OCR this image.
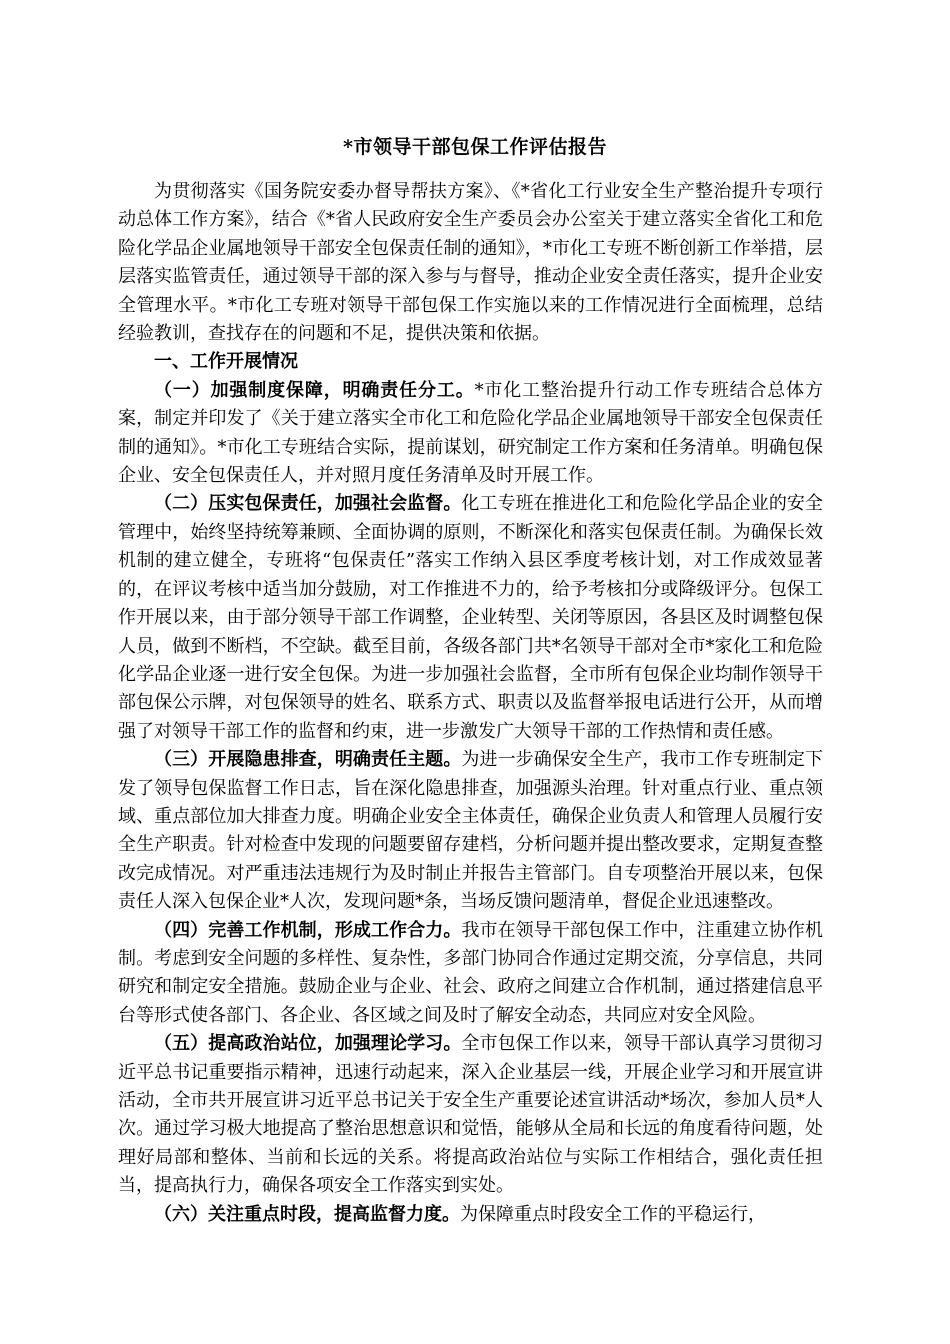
*市领导干部包保工作评估报告

为贯彻落实《国务院安委办督导帮扶方案》、《*省化工行业安全生产整治提升专项行动总体工作方案》，结合《*省人民政府安全生产委员会办公室关于建立落实全省化工和危险化学品企业属地领导干部安全包保责任制的通知》，*市化工专班不断创新工作举措，层层落实监管责任，通过领导干部的深入参与与督导，推动企业安全责任落实，提升企业安全管理水平。*市化工专班对领导干部包保工作实施以来的工作情况进行全面梳理，总结经验教训，查找存在的问题和不足，提供决策和依据。

一、工作开展情况

（一）加强制度保障，明确责任分工。*市化工整治提升行动工作专班结合总体方案，制定并印发了《关于建立落实全市化工和危险化学品企业属地领导干部安全包保责任制的通知》。*市化工专班结合实际，提前谋划，研究制定工作方案和任务清单。明确包保企业、安全包保责任人，并对照月度任务清单及时开展工作。

（二）压实包保责任，加强社会监督。化工专班在推进化工和危险化学品企业的安全管理中，始终坚持统筹兼顾、全面协调的原则，不断深化和落实包保责任制。为确保长效机制的建立健全，专班将“包保责任”落实工作纳入县区季度考核计划，对工作成效显著的，在评议考核中适当加分鼓励，对工作推进不力的，给予考核扣分或降级评分。包保工作开展以来，由于部分领导干部工作调整，企业转型、关闭等原因，各县区及时调整包保人员，做到不断档，不空缺。截至目前，各级各部门共*名领导干部对全市*家化工和危险化学品企业逐一进行安全包保。为进一步加强社会监督，全市所有包保企业均制作领导干部包保公示牌，对包保领导的姓名、联系方式、职责以及监督举报电话进行公开，从而增强了对领导干部工作的监督和约束，进一步激发广大领导干部的工作热情和责任感。

（三）开展隐患排查，明确责任主题。为进一步确保安全生产，我市工作专班制定下发了领导包保监督工作日志，旨在深化隐患排查，加强源头治理。针对重点行业、重点领域、重点部位加大排查力度。明确企业安全主体责任，确保企业负责人和管理人员履行安全生产职责。针对检查中发现的问题要留存建档，分析问题并提出整改要求，定期复查整改完成情况。对严重违法违规行为及时制止并报告主管部门。自专项整治开展以来，包保责任人深入包保企业*人次，发现问题*条，当场反馈问题清单，督促企业迅速整改。

（四）完善工作机制，形成工作合力。我市在领导干部包保工作中，注重建立协作机制。考虑到安全问题的多样性、复杂性，多部门协同合作通过定期交流，分享信息，共同研究和制定安全措施。鼓励企业与企业、社会、政府之间建立合作机制，通过搭建信息平台等形式使各部门、各企业、各区域之间及时了解安全动态，共同应对安全风险。

（五）提高政治站位，加强理论学习。全市包保工作以来，领导干部认真学习贯彻习近平总书记重要指示精神，迅速行动起来，深入企业基层一线，开展企业学习和开展宣讲活动，全市共开展宣讲习近平总书记关于安全生产重要论述宣讲活动*场次，参加人员*人次。通过学习极大地提高了整治思想意识和觉悟，能够从全局和长远的角度看待问题，处理好局部和整体、当前和长远的关系。将提高政治站位与实际工作相结合，强化责任担当，提高执行力，确保各项安全工作落实到实处。

（六）关注重点时段，提高监督力度。为保障重点时段安全工作的平稳运行，
